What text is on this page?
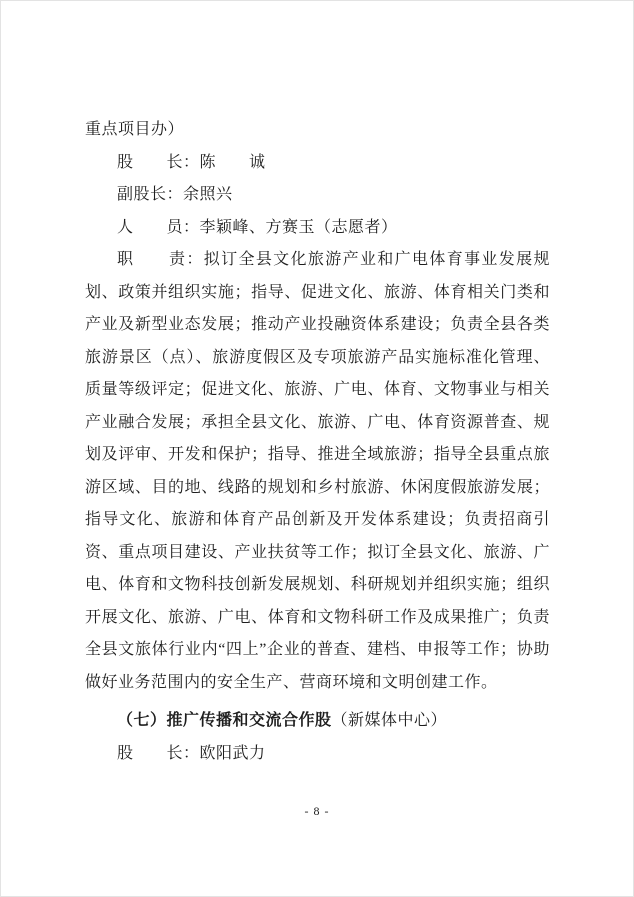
重点项目办）

股　　长：陈　　诚

副股长：余照兴

人　　员：李颖峰、方赛玉（志愿者）

职　　责：拟订全县文化旅游产业和广电体育事业发展规划、政策并组织实施；指导、促进文化、旅游、体育相关门类和产业及新型业态发展；推动产业投融资体系建设；负责全县各类旅游景区（点）、旅游度假区及专项旅游产品实施标准化管理、质量等级评定；促进文化、旅游、广电、体育、文物事业与相关产业融合发展；承担全县文化、旅游、广电、体育资源普查、规划及评审、开发和保护；指导、推进全域旅游；指导全县重点旅游区域、目的地、线路的规划和乡村旅游、休闲度假旅游发展；指导文化、旅游和体育产品创新及开发体系建设；负责招商引资、重点项目建设、产业扶贫等工作；拟订全县文化、旅游、广电、体育和文物科技创新发展规划、科研规划并组织实施；组织开展文化、旅游、广电、体育和文物科研工作及成果推广；负责全县文旅体行业内“四上”企业的普查、建档、申报等工作；协助做好业务范围内的安全生产、营商环境和文明创建工作。

（七）推广传播和交流合作股（新媒体中心）

股　　长：欧阳武力

- 8 -
